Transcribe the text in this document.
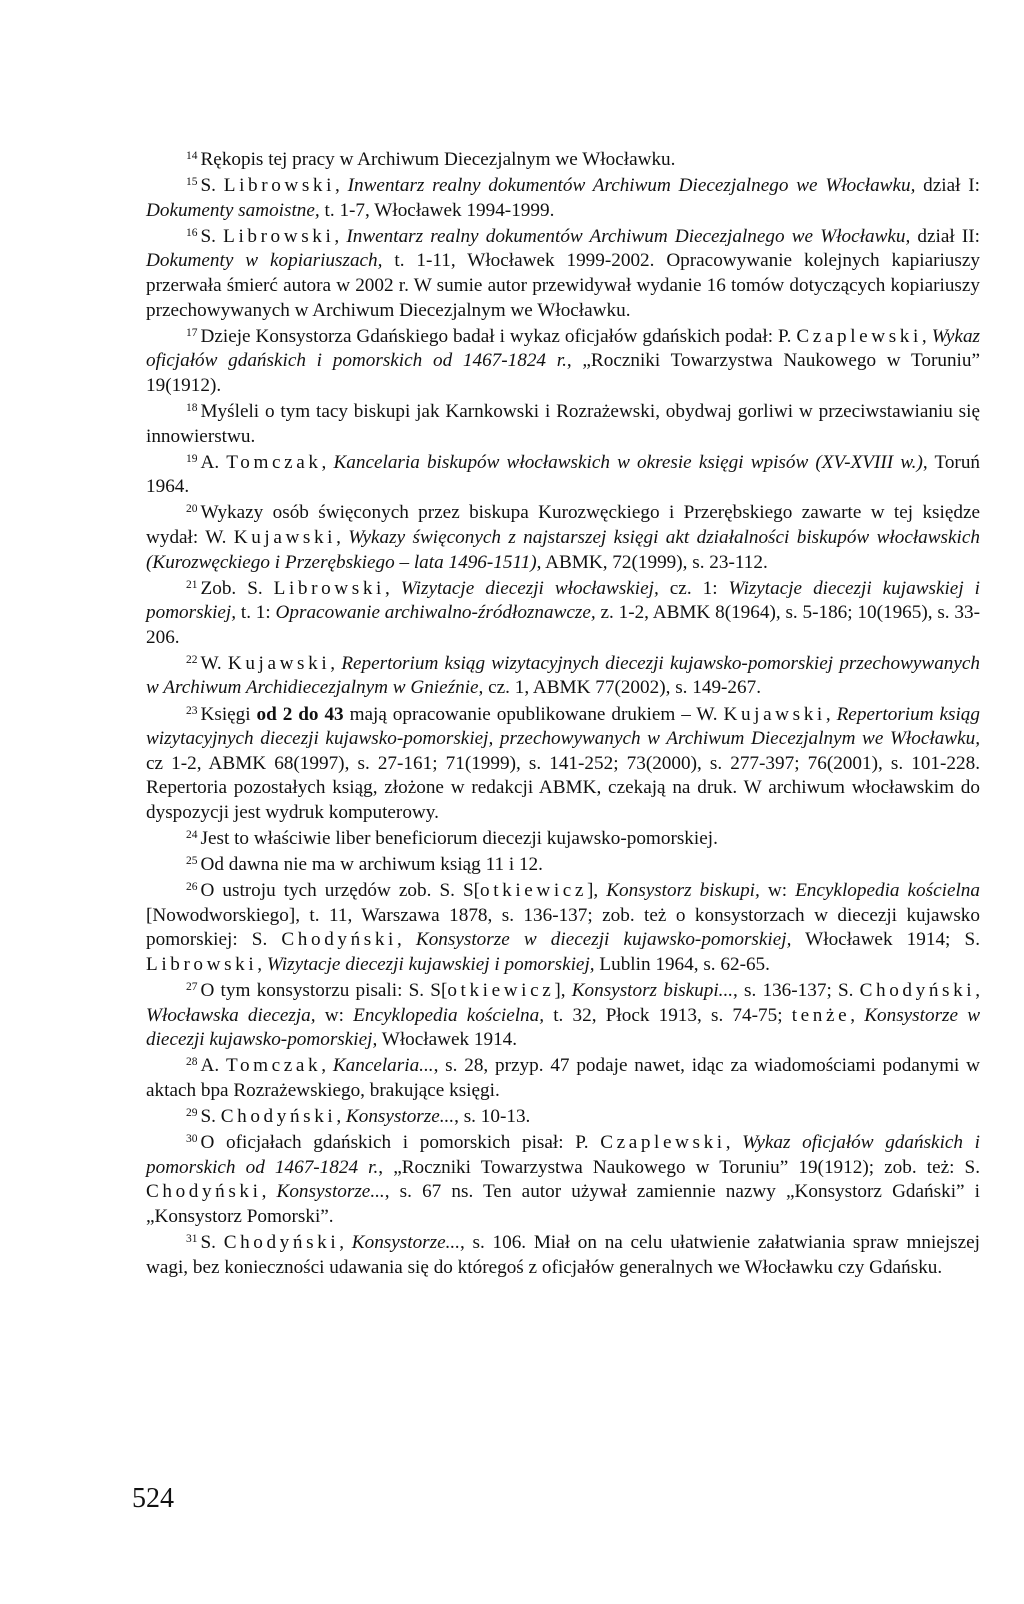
$^{14}$ Rękopis tej pracy w Archiwum Diecezjalnym we Włocławku.

$^{15}$ S. Librowski, Inwentarz realny dokumentów Archiwum Diecezjalnego we Włocławku, dział I: Dokumenty samoistne, t. 1-7, Włocławek 1994-1999.

$^{16}$ S. Librowski, Inwentarz realny dokumentów Archiwum Diecezjalnego we Włocławku, dział II: Dokumenty w kopiariuszach, t. 1-11, Włocławek 1999-2002. Opracowywanie kolejnych kapiariuszy przerwała śmierć autora w 2002 r. W sumie autor przewidywał wydanie 16 tomów dotyczących kopiariuszy przechowywanych w Archiwum Diecezjalnym we Włocławku.

$^{17}$ Dzieje Konsystorza Gdańskiego badał i wykaz oficjałów gdańskich podał: P. Czaplewski, Wykaz oficjałów gdańskich i pomorskich od 1467-1824 r., „Roczniki Towarzystwa Naukowego w Toruniu” 19(1912).

$^{18}$ Myśleli o tym tacy biskupi jak Karnkowski i Rozrażewski, obydwaj gorliwi w przeciwstawianiu się innowierstwu.

$^{19}$ A. Tomczak, Kancelaria biskupów włocławskich w okresie księgi wpisów (XV-XVIII w.), Toruń 1964.

$^{20}$ Wykazy osób święconych przez biskupa Kurozwęckiego i Przerębskiego zawarte w tej księdze wydał: W. Kujawski, Wykazy święconych z najstarszej księgi akt działalności biskupów włocławskich (Kurozwęckiego i Przerębskiego – lata 1496-1511), ABMK, 72(1999), s. 23-112.

$^{21}$ Zob. S. Librowski, Wizytacje diecezji włocławskiej, cz. 1: Wizytacje diecezji kujawskiej i pomorskiej, t. 1: Opracowanie archiwalno-źródłoznawcze, z. 1-2, ABMK 8(1964), s. 5-186; 10(1965), s. 33-206.

$^{22}$ W. Kujawski, Repertorium ksiąg wizytacyjnych diecezji kujawsko-pomorskiej przechowywanych w Archiwum Archidiecezjalnym w Gnieźnie, cz. 1, ABMK 77(2002), s. 149-267.

$^{23}$ Księgi od 2 do 43 mają opracowanie opublikowane drukiem – W. Kujawski, Repertorium ksiąg wizytacyjnych diecezji kujawsko-pomorskiej, przechowywanych w Archiwum Diecezjalnym we Włocławku, cz 1-2, ABMK 68(1997), s. 27-161; 71(1999), s. 141-252; 73(2000), s. 277-397; 76(2001), s. 101-228. Repertoria pozostałych ksiąg, złożone w redakcji ABMK, czekają na druk. W archiwum włocławskim do dyspozycji jest wydruk komputerowy.

$^{24}$ Jest to właściwie liber beneficiorum diecezji kujawsko-pomorskiej.

$^{25}$ Od dawna nie ma w archiwum ksiąg 11 i 12.

$^{26}$ O ustroju tych urzędów zob. S. S[otkiewicz], Konsystorz biskupi, w: Encyklopedia kościelna [Nowodworskiego], t. 11, Warszawa 1878, s. 136-137; zob. też o konsystorzach w diecezji kujawsko pomorskiej: S. Chodyński, Konsystorze w diecezji kujawsko-pomorskiej, Włocławek 1914; S. Librowski, Wizytacje diecezji kujawskiej i pomorskiej, Lublin 1964, s. 62-65.

$^{27}$ O tym konsystorzu pisali: S. S[otkiewicz], Konsystorz biskupi..., s. 136-137; S. Chodyński, Włocławska diecezja, w: Encyklopedia kościelna, t. 32, Płock 1913, s. 74-75; tenże, Konsystorze w diecezji kujawsko-pomorskiej, Włocławek 1914.

$^{28}$ A. Tomczak, Kancelaria..., s. 28, przyp. 47 podaje nawet, idąc za wiadomościami podanymi w aktach bpa Rozrażewskiego, brakujące księgi.

$^{29}$ S. Chodyński, Konsystorze..., s. 10-13.

$^{30}$ O oficjałach gdańskich i pomorskich pisał: P. Czaplewski, Wykaz oficjałów gdańskich i pomorskich od 1467-1824 r., „Roczniki Towarzystwa Naukowego w Toruniu” 19(1912); zob. też: S. Chodyński, Konsystorze..., s. 67 ns. Ten autor używał zamiennie nazwy „Konsystorz Gdański” i „Konsystorz Pomorski”.

$^{31}$ S. Chodyński, Konsystorze..., s. 106. Miał on na celu ułatwienie załatwiania spraw mniejszej wagi, bez konieczności udawania się do któregoś z oficjałów generalnych we Włocławku czy Gdańsku.

524
